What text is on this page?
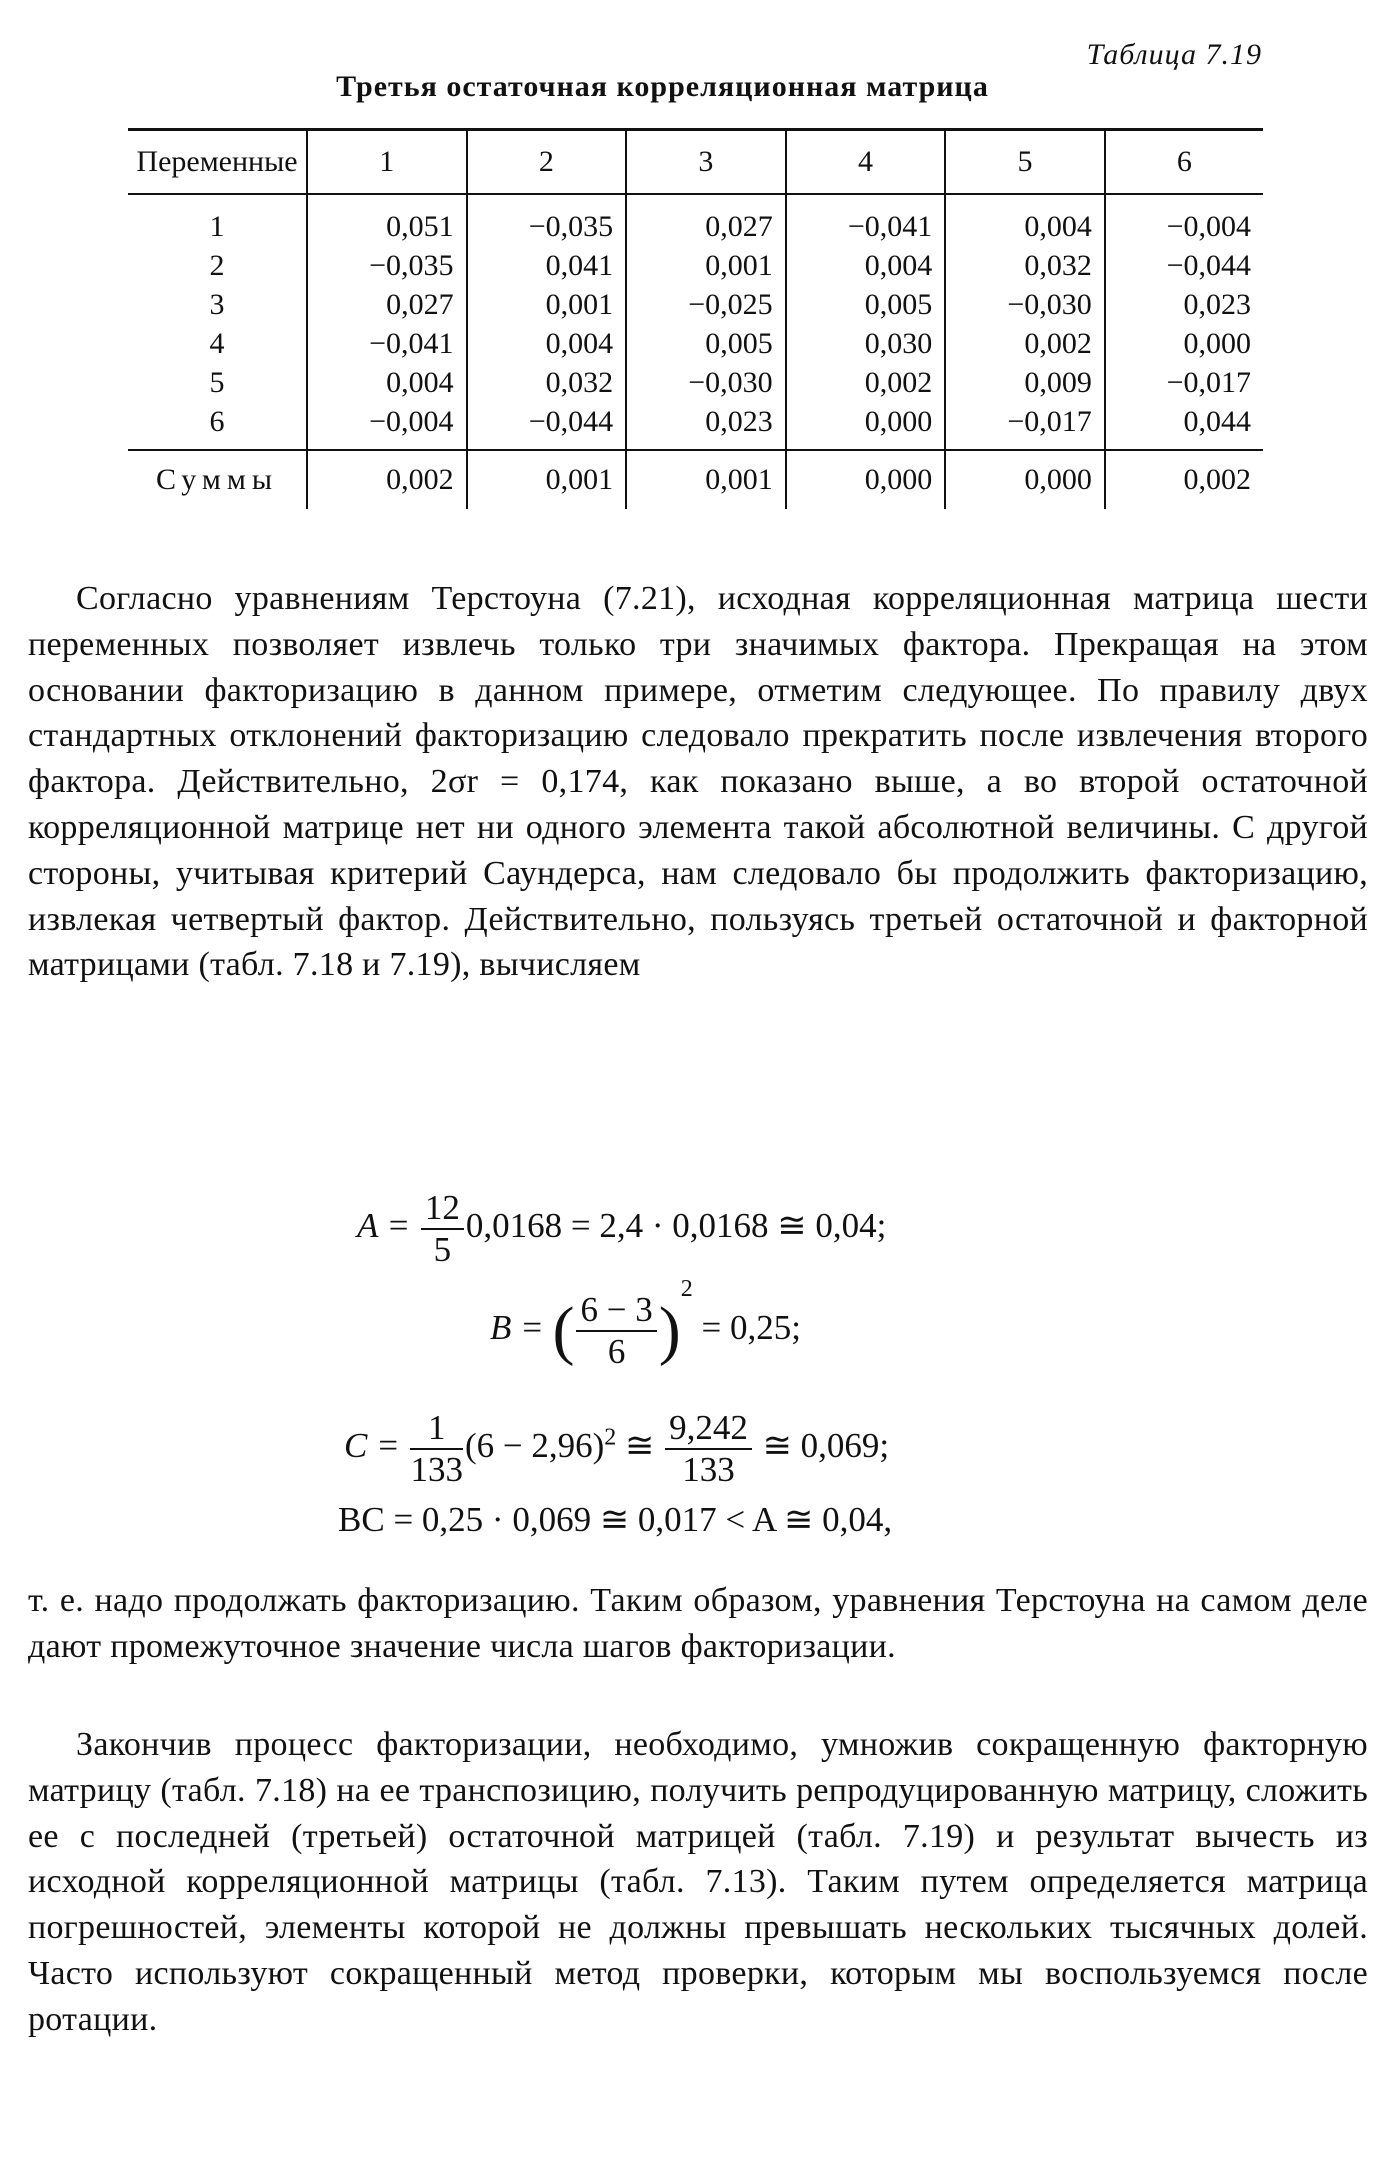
Таблица 7.19
Третья остаточная корреляционная матрица
Переменные	1	2	3	4	5	6
1	0,051	−0,035	0,027	−0,041	0,004	−0,004
2	−0,035	0,041	0,001	0,004	0,032	−0,044
3	0,027	0,001	−0,025	0,005	−0,030	0,023
4	−0,041	0,004	0,005	0,030	0,002	0,000
5	0,004	0,032	−0,030	0,002	0,009	−0,017
6	−0,004	−0,044	0,023	0,000	−0,017	0,044
Суммы	0,002	0,001	0,001	0,000	0,000	0,002

Согласно уравнениям Терстоуна (7.21), исходная корреляционная матрица шести переменных позволяет извлечь только три значимых фактора. Прекращая на этом основании факторизацию в данном примере, отметим следующее. По правилу двух стандартных отклонений факторизацию следовало прекратить после извлечения второго фактора. Действительно, 2σr = 0,174, как показано выше, а во второй остаточной корреляционной матрице нет ни одного элемента такой абсолютной величины. С другой стороны, учитывая критерий Саундерса, нам следовало бы продолжить факторизацию, извлекая четвертый фактор. Действительно, пользуясь третьей остаточной и факторной матрицами (табл. 7.18 и 7.19), вычисляем

$A = \frac{12}{5} 0,0168 = 2,4 \cdot 0,0168$ ≅ 0,04;
B = ( $\frac{6 - 3}{6} )^2 = 0,25$;
$C = \frac{1}{133} (6 - 2,96)^2$ ≅ $\frac{9,242}{133}$ ≅ 0,069;
BC = 0,25 · 0,069 ≅ 0,017 < A ≅ 0,04,

т. е. надо продолжать факторизацию. Таким образом, уравнения Терстоуна на самом деле дают промежуточное значение числа шагов факторизации.

Закончив процесс факторизации, необходимо, умножив сокращенную факторную матрицу (табл. 7.18) на ее транспозицию, получить репродуцированную матрицу, сложить ее с последней (третьей) остаточной матрицей (табл. 7.19) и результат вычесть из исходной корреляционной матрицы (табл. 7.13). Таким путем определяется матрица погрешностей, элементы которой не должны превышать нескольких тысячных долей. Часто используют сокращенный метод проверки, которым мы воспользуемся после ротации.
